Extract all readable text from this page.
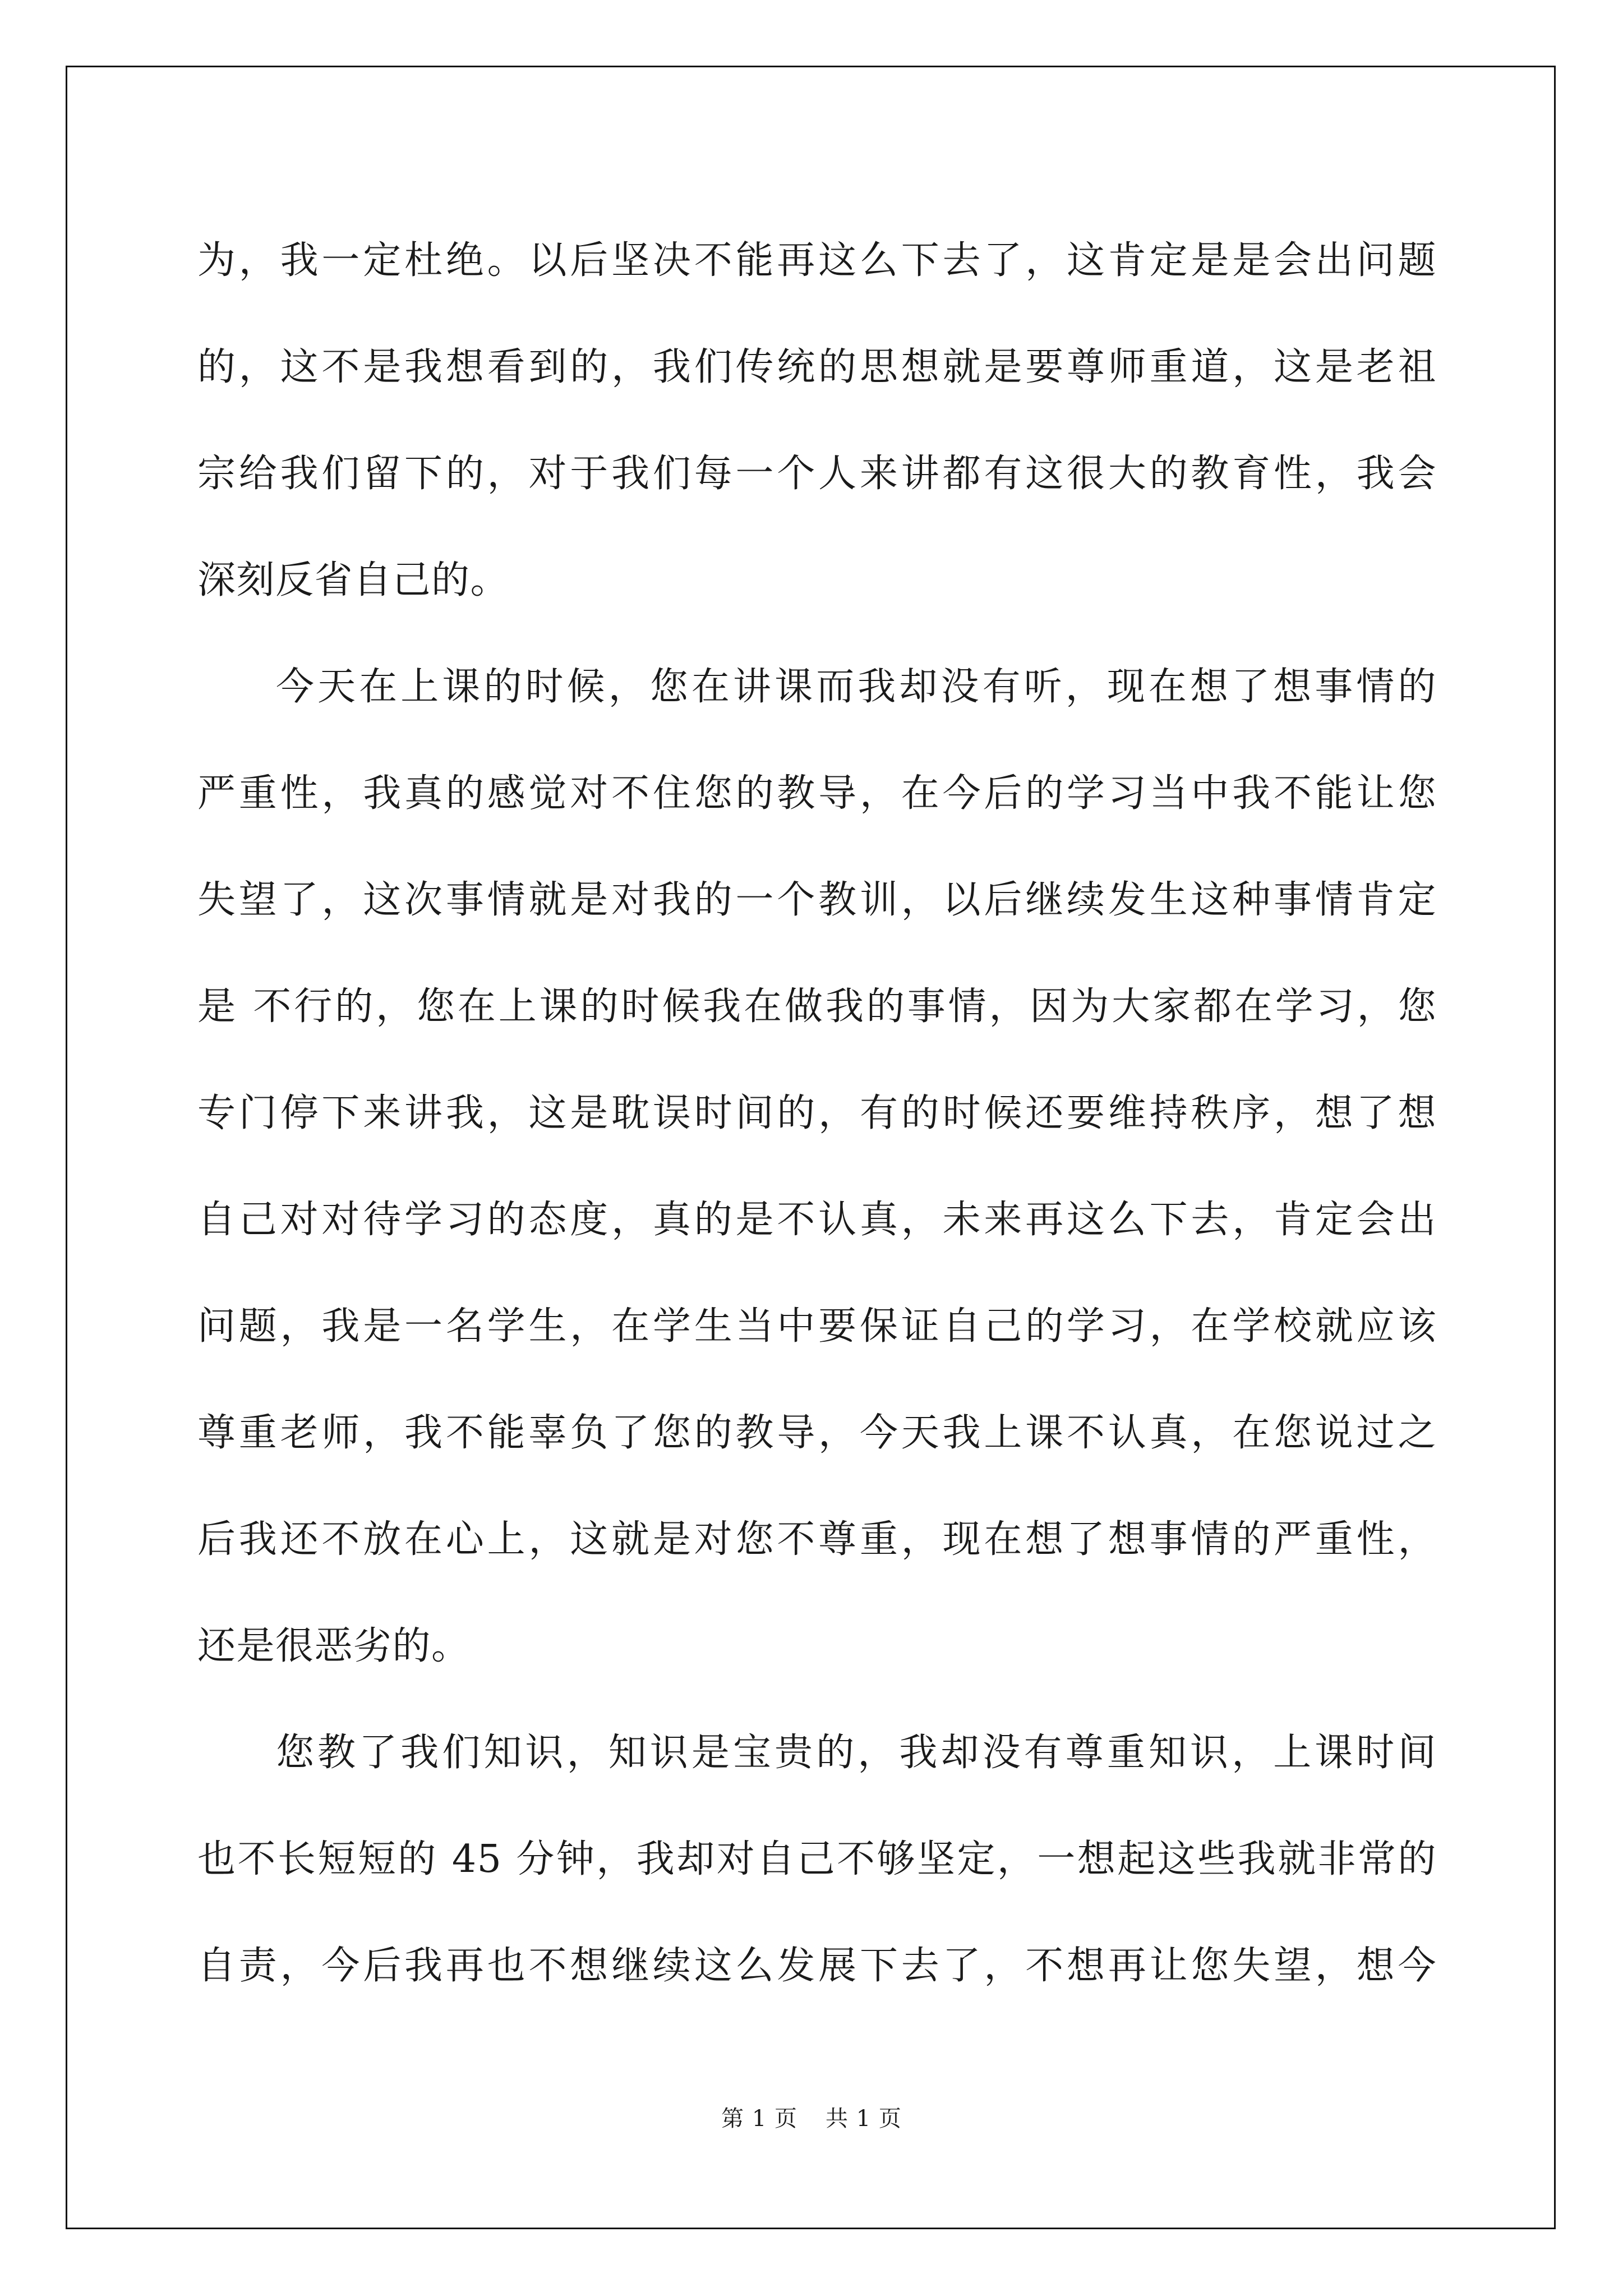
为，我一定杜绝。以后坚决不能再这么下去了，这肯定是是会出问题
的，这不是我想看到的，我们传统的思想就是要尊师重道，这是老祖
宗给我们留下的，对于我们每一个人来讲都有这很大的教育性，我会
深刻反省自己的。
今天在上课的时候，您在讲课而我却没有听，现在想了想事情的
严重性，我真的感觉对不住您的教导，在今后的学习当中我不能让您
失望了，这次事情就是对我的一个教训，以后继续发生这种事情肯定
是 不行的，您在上课的时候我在做我的事情，因为大家都在学习，您
专门停下来讲我，这是耽误时间的，有的时候还要维持秩序，想了想
自己对对待学习的态度，真的是不认真，未来再这么下去，肯定会出
问题，我是一名学生，在学生当中要保证自己的学习，在学校就应该
尊重老师，我不能辜负了您的教导，今天我上课不认真，在您说过之
后我还不放在心上，这就是对您不尊重，现在想了想事情的严重性，
还是很恶劣的。
您教了我们知识，知识是宝贵的，我却没有尊重知识，上课时间
也不长短短的 45 分钟，我却对自己不够坚定，一想起这些我就非常的
自责，今后我再也不想继续这么发展下去了，不想再让您失望，想今
第 1 页 共 1 页
